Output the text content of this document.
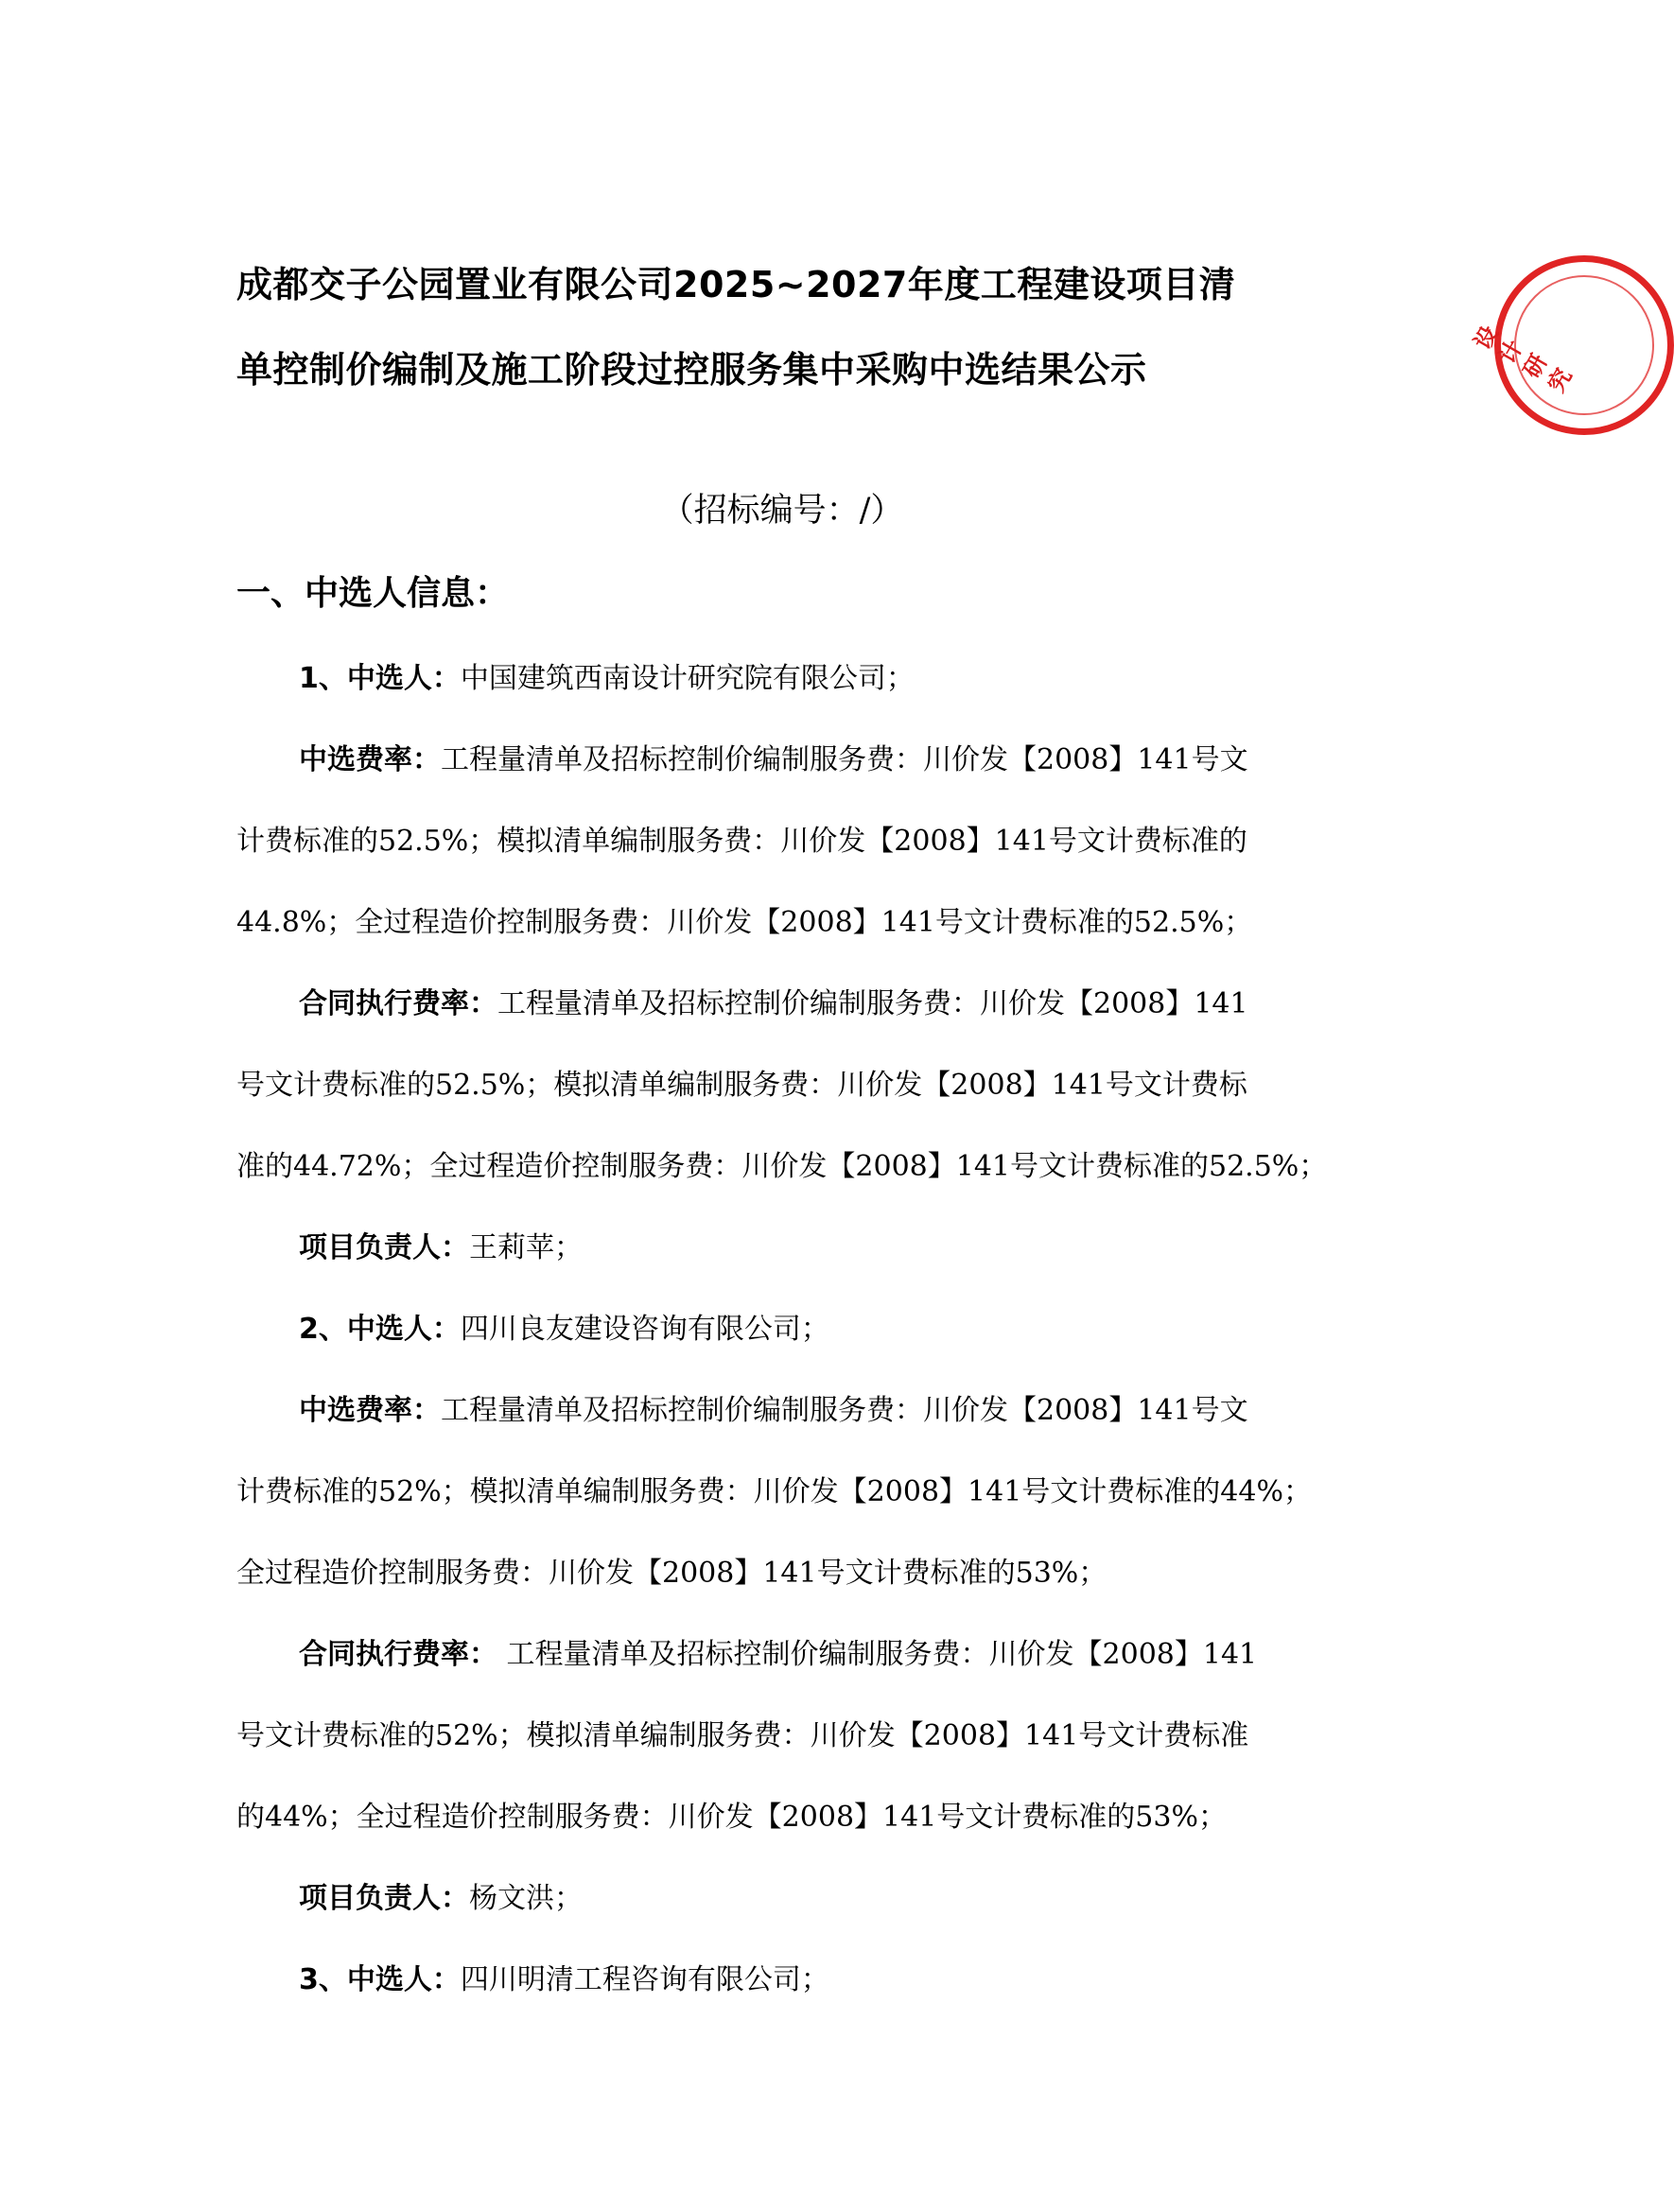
成都交子公园置业有限公司2025~2027年度工程建设项目清
单控制价编制及施工阶段过控服务集中采购中选结果公示
（招标编号：/）
一、中选人信息：
1、中选人：中国建筑西南设计研究院有限公司；
中选费率：工程量清单及招标控制价编制服务费：川价发【2008】141号文
计费标准的52.5%；模拟清单编制服务费：川价发【2008】141号文计费标准的
44.8%；全过程造价控制服务费：川价发【2008】141号文计费标准的52.5%；
合同执行费率：工程量清单及招标控制价编制服务费：川价发【2008】141
号文计费标准的52.5%；模拟清单编制服务费：川价发【2008】141号文计费标
准的44.72%；全过程造价控制服务费：川价发【2008】141号文计费标准的52.5%；
项目负责人：王莉苹；
2、中选人：四川良友建设咨询有限公司；
中选费率：工程量清单及招标控制价编制服务费：川价发【2008】141号文
计费标准的52%；模拟清单编制服务费：川价发【2008】141号文计费标准的44%；
全过程造价控制服务费：川价发【2008】141号文计费标准的53%；
合同执行费率： 工程量清单及招标控制价编制服务费：川价发【2008】141
号文计费标准的52%；模拟清单编制服务费：川价发【2008】141号文计费标准
的44%；全过程造价控制服务费：川价发【2008】141号文计费标准的53%；
项目负责人：杨文洪；
3、中选人：四川明清工程咨询有限公司；
设计研究
